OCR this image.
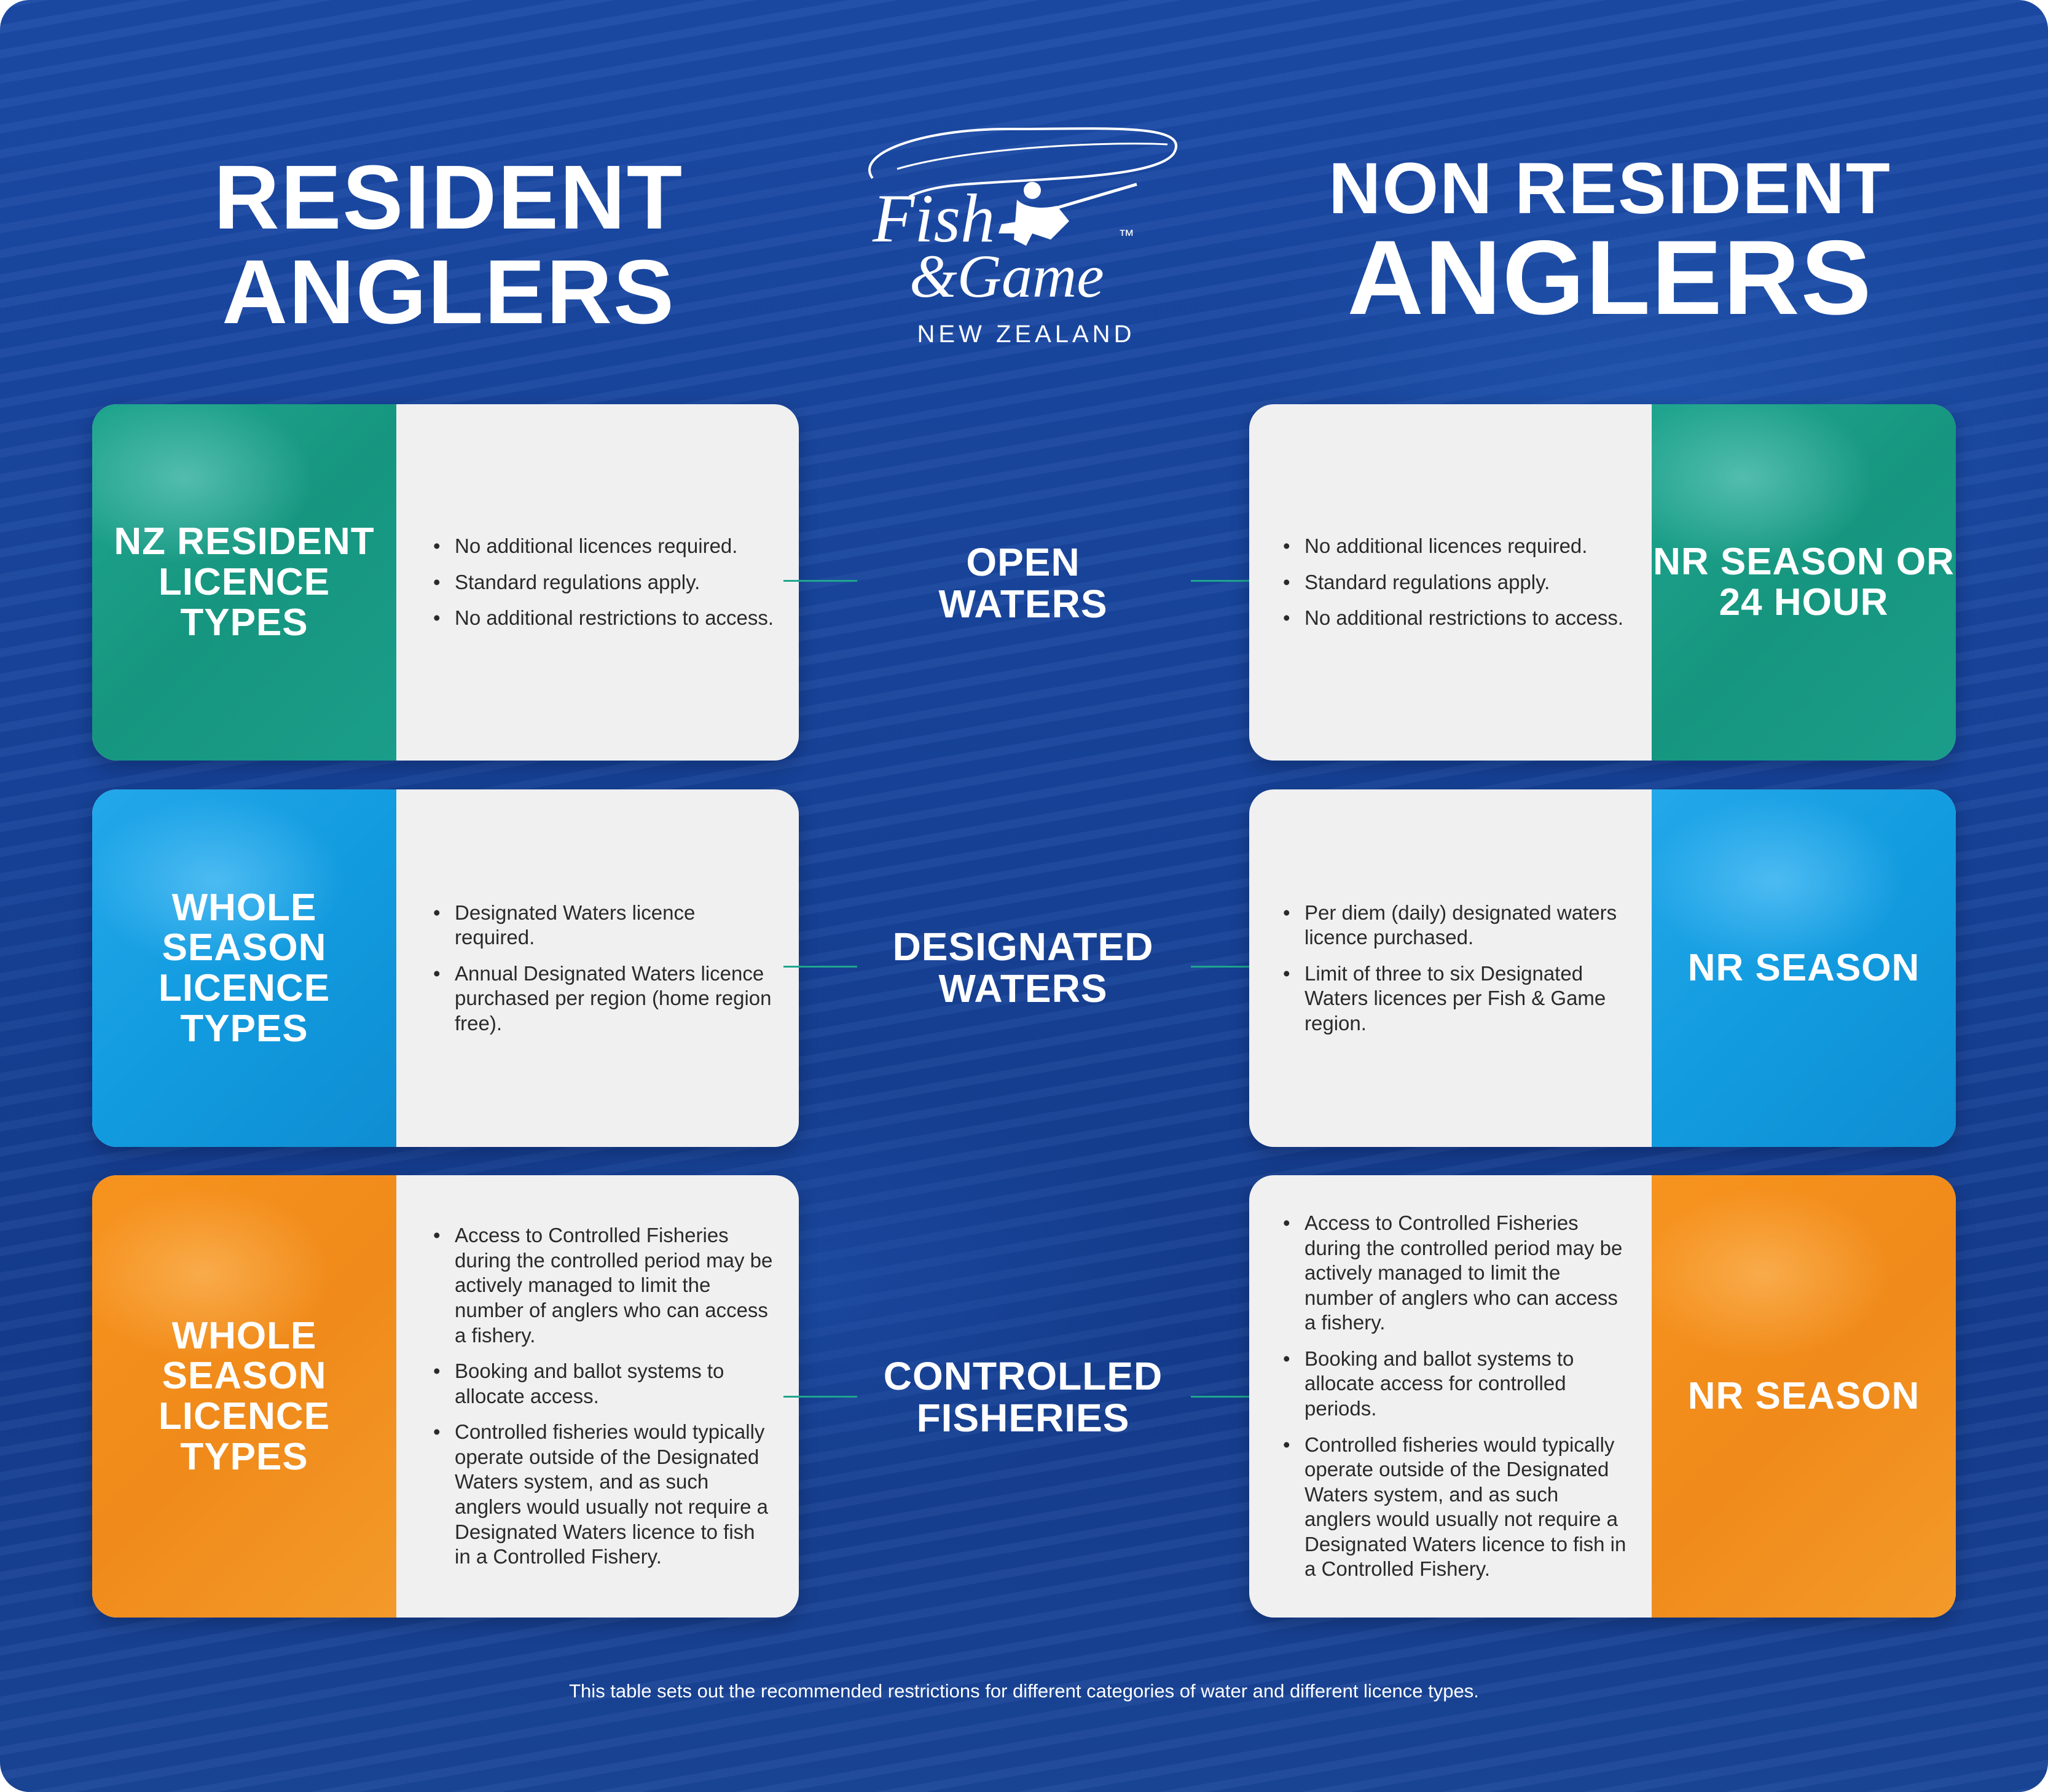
RESIDENT
ANGLERS
Fish
&Game
™
NEW ZEALAND
NON RESIDENT
ANGLERS
NZ RESIDENT LICENCE TYPES
• No additional licences required.
• Standard regulations apply.
• No additional restrictions to access.
OPEN
WATERS
• No additional licences required.
• Standard regulations apply.
• No additional restrictions to access.
NR SEASON OR 24 HOUR
WHOLE SEASON LICENCE TYPES
• Designated Waters licence required.
• Annual Designated Waters licence purchased per region (home region free).
DESIGNATED
WATERS
• Per diem (daily) designated waters licence purchased.
• Limit of three to six Designated Waters licences per Fish & Game region.
NR SEASON
WHOLE SEASON LICENCE TYPES
• Access to Controlled Fisheries during the controlled period may be actively managed to limit the number of anglers who can access a fishery.
• Booking and ballot systems to allocate access.
• Controlled fisheries would typically operate outside of the Designated Waters system, and as such anglers would usually not require a Designated Waters licence to fish in a Controlled Fishery.
CONTROLLED
FISHERIES
• Access to Controlled Fisheries during the controlled period may be actively managed to limit the number of anglers who can access a fishery.
• Booking and ballot systems to allocate access for controlled periods.
• Controlled fisheries would typically operate outside of the Designated Waters system, and as such anglers would usually not require a Designated Waters licence to fish in a Controlled Fishery.
NR SEASON
This table sets out the recommended restrictions for different categories of water and different licence types.
